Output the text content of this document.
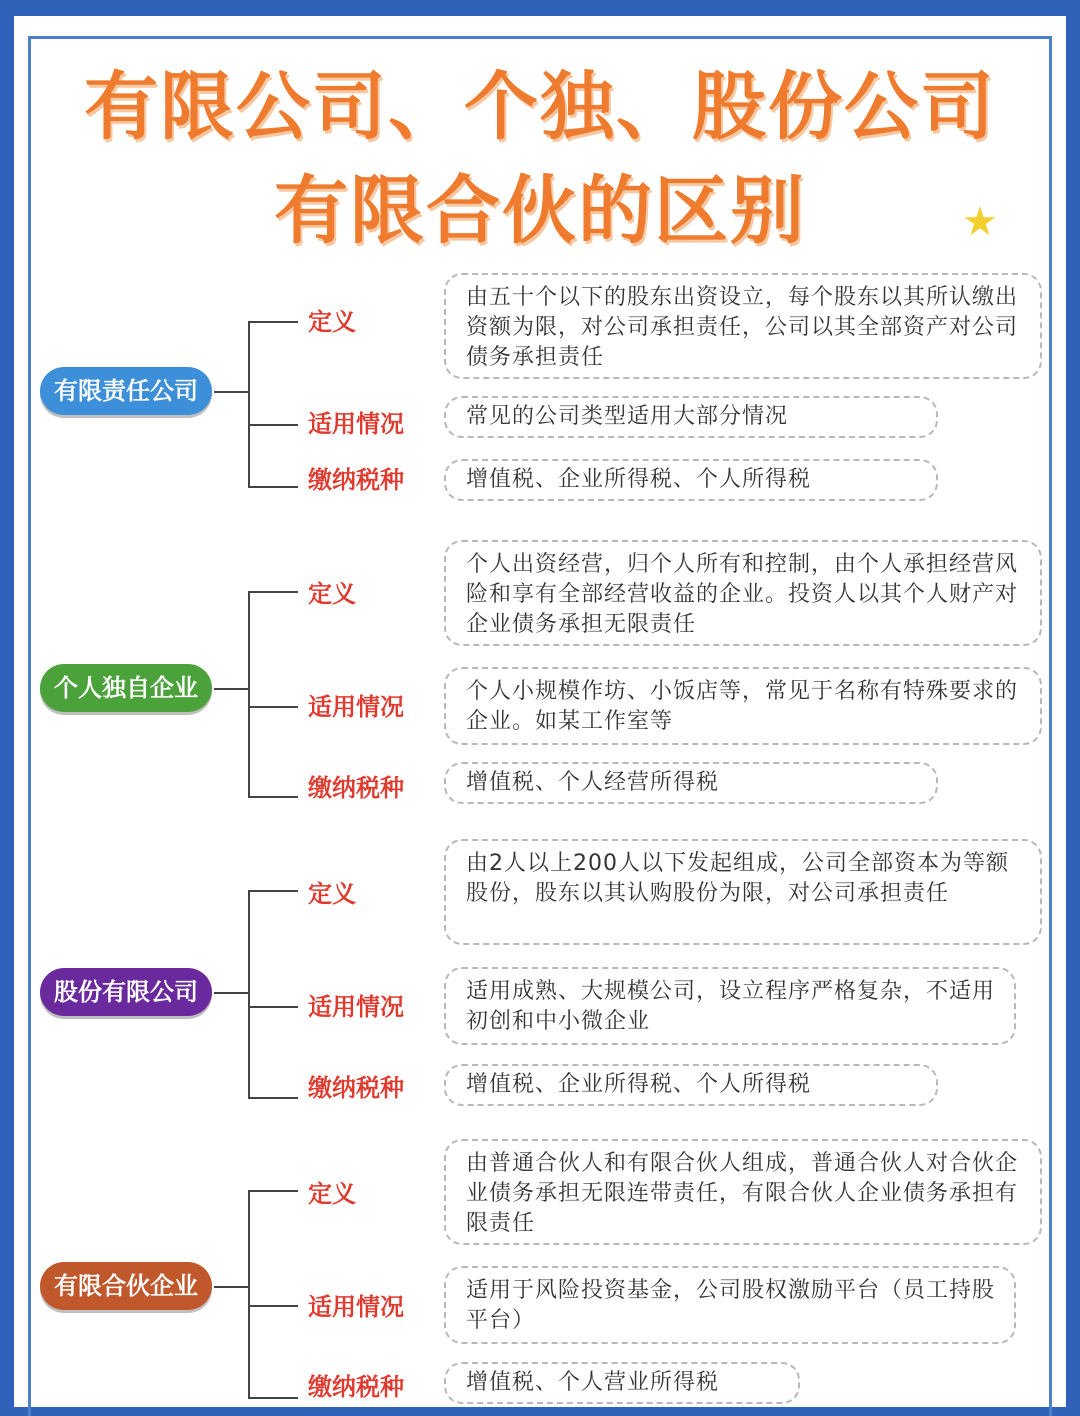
有限公司、个独、股份公司
有限合伙的区别	★
有限责任公司
定义
适用情况
缴纳税种
由五十个以下的股东出资设立，每个股东以其所认缴出资额为限，对公司承担责任，公司以其全部资产对公司债务承担责任
常见的公司类型适用大部分情况
增值税、企业所得税、个人所得税
个人独自企业
定义
适用情况
缴纳税种
个人出资经营，归个人所有和控制，由个人承担经营风险和享有全部经营收益的企业。投资人以其个人财产对企业债务承担无限责任
个人小规模作坊、小饭店等，常见于名称有特殊要求的企业。如某工作室等
增值税、个人经营所得税
股份有限公司
定义
适用情况
缴纳税种
由2人以上200人以下发起组成，公司全部资本为等额股份，股东以其认购股份为限，对公司承担责任
适用成熟、大规模公司，设立程序严格复杂，不适用初创和中小微企业
增值税、企业所得税、个人所得税
有限合伙企业
定义
适用情况
缴纳税种
由普通合伙人和有限合伙人组成，普通合伙人对合伙企业债务承担无限连带责任，有限合伙人企业债务承担有限责任
适用于风险投资基金，公司股权激励平台（员工持股平台）
增值税、个人营业所得税
